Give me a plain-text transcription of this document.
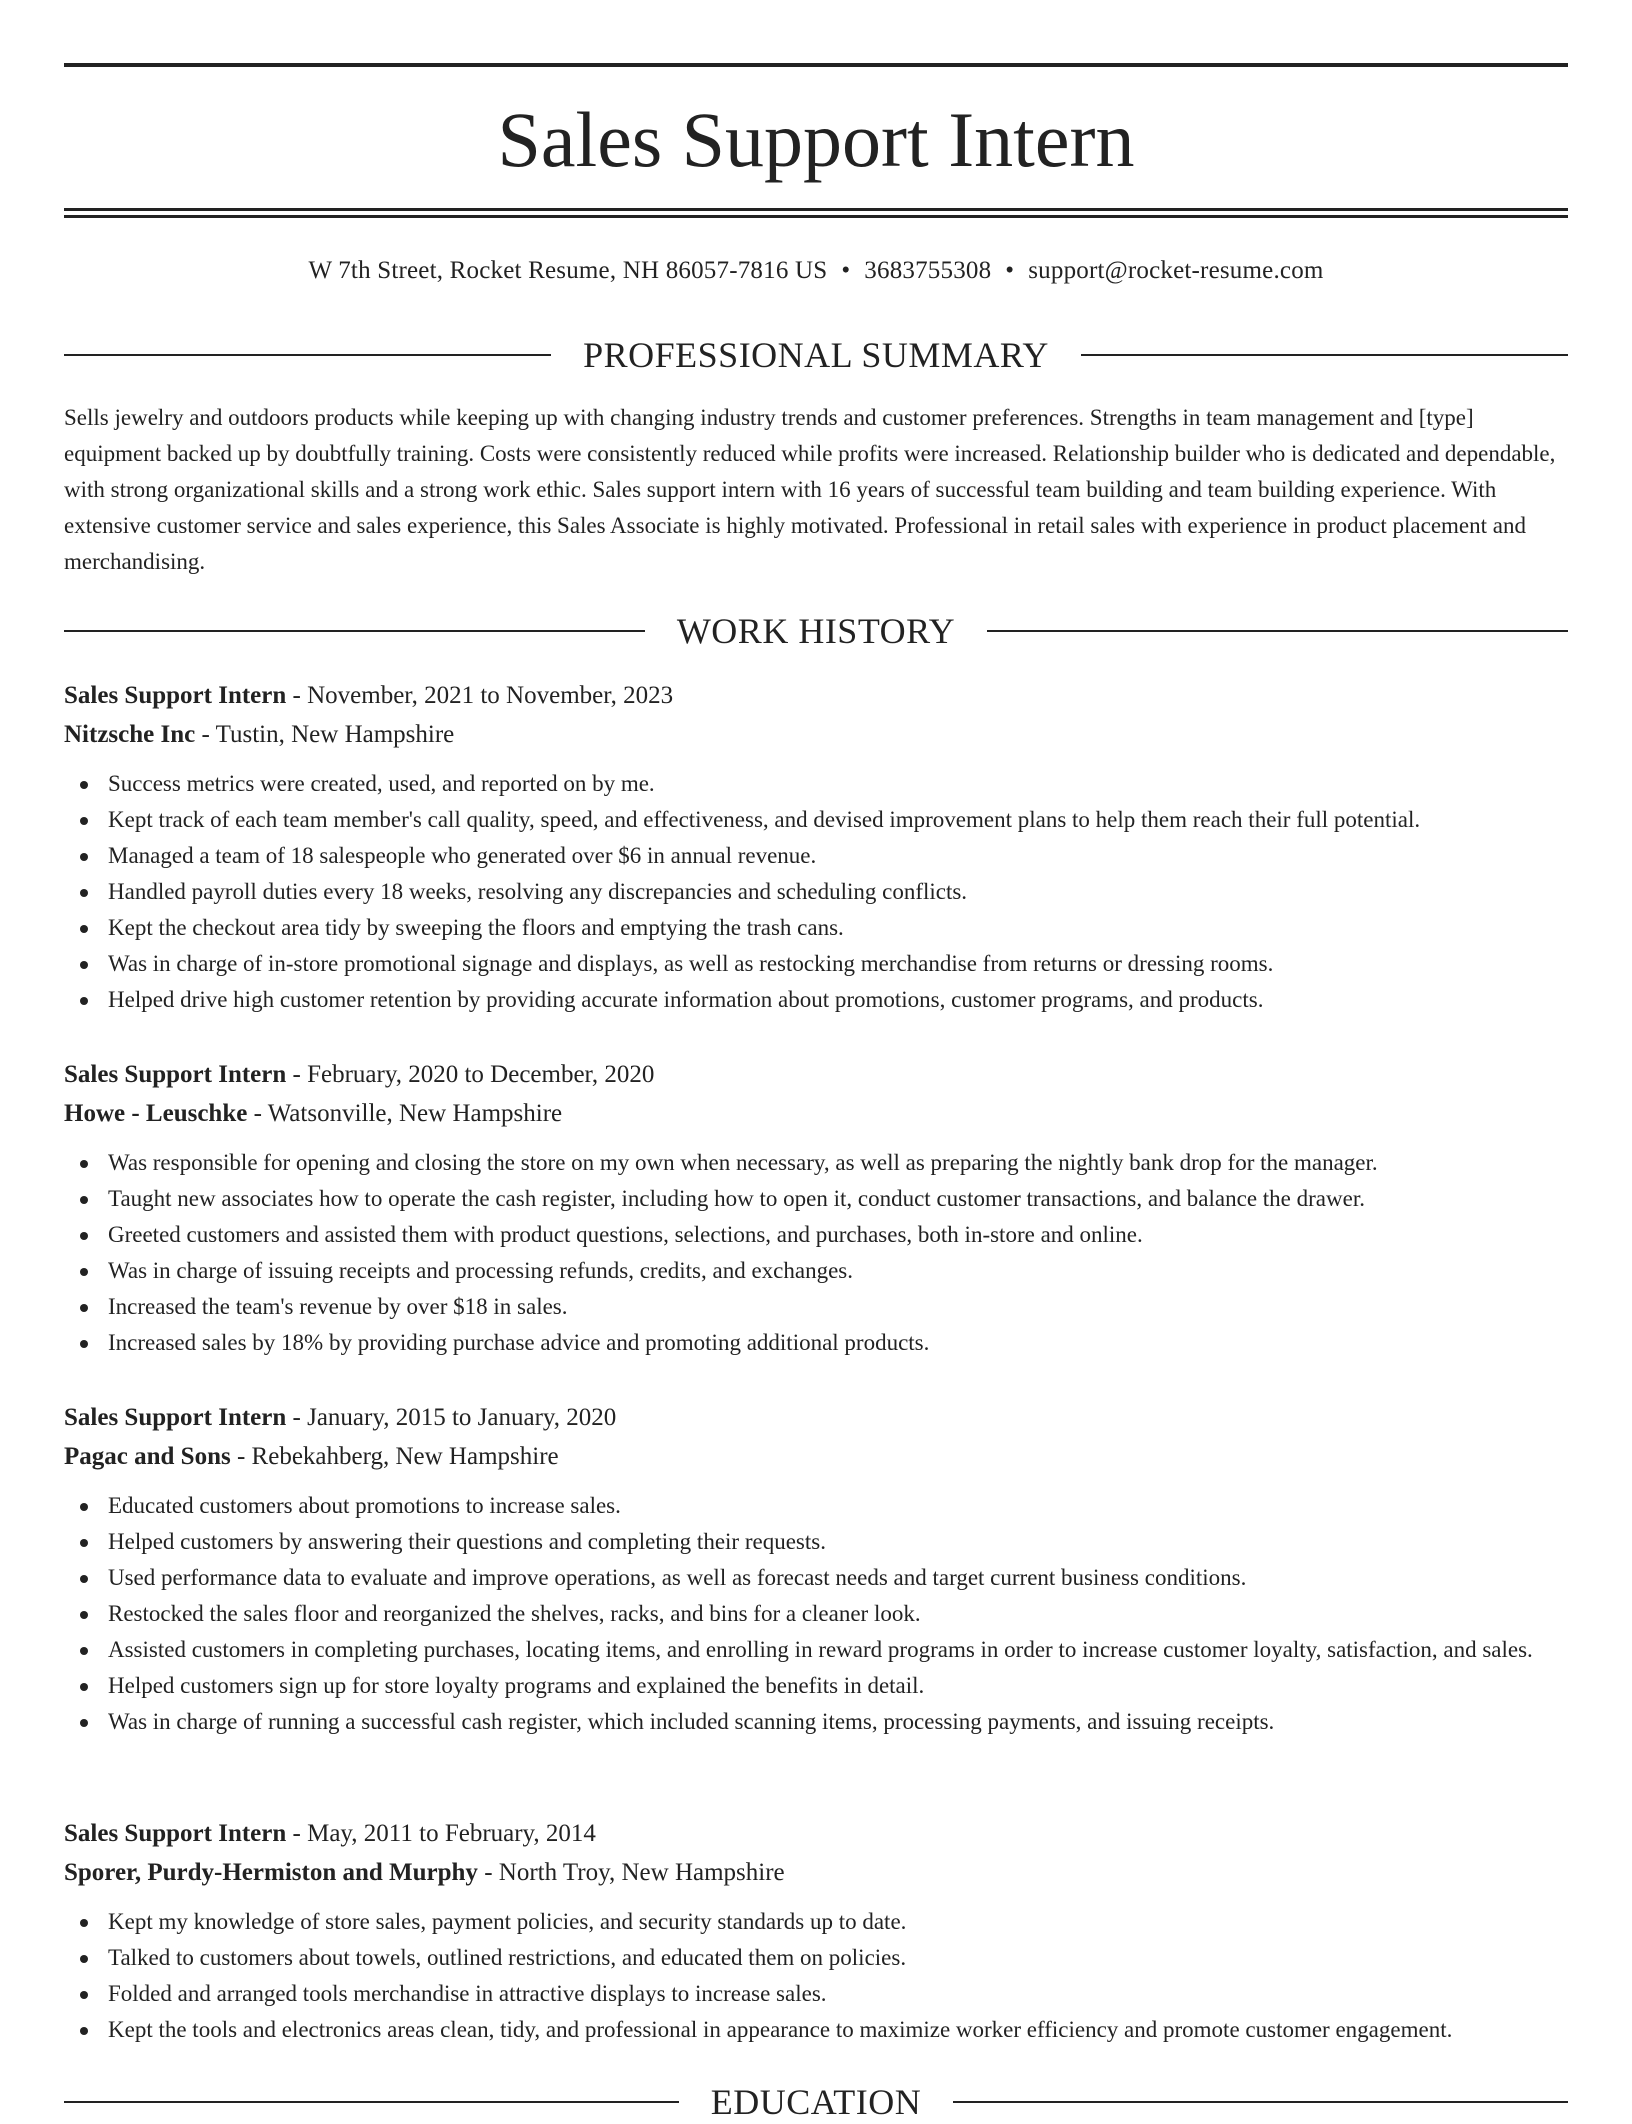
Sales Support Intern
W 7th Street, Rocket Resume, NH 86057-7816 US • 3683755308 • support@rocket-resume.com
PROFESSIONAL SUMMARY

Sells jewelry and outdoors products while keeping up with changing industry trends and customer preferences. Strengths in team management and [type] equipment backed up by doubtfully training. Costs were consistently reduced while profits were increased. Relationship builder who is dedicated and dependable, with strong organizational skills and a strong work ethic. Sales support intern with 16 years of successful team building and team building experience. With extensive customer service and sales experience, this Sales Associate is highly motivated. Professional in retail sales with experience in product placement and merchandising.

WORK HISTORY
Sales Support Intern - November, 2021 to November, 2023
Nitzsche Inc - Tustin, New Hampshire
Success metrics were created, used, and reported on by me.
Kept track of each team member's call quality, speed, and effectiveness, and devised improvement plans to help them reach their full potential.
Managed a team of 18 salespeople who generated over $6 in annual revenue.
Handled payroll duties every 18 weeks, resolving any discrepancies and scheduling conflicts.
Kept the checkout area tidy by sweeping the floors and emptying the trash cans.
Was in charge of in-store promotional signage and displays, as well as restocking merchandise from returns or dressing rooms.
Helped drive high customer retention by providing accurate information about promotions, customer programs, and products.
Sales Support Intern - February, 2020 to December, 2020
Howe - Leuschke - Watsonville, New Hampshire
Was responsible for opening and closing the store on my own when necessary, as well as preparing the nightly bank drop for the manager.
Taught new associates how to operate the cash register, including how to open it, conduct customer transactions, and balance the drawer.
Greeted customers and assisted them with product questions, selections, and purchases, both in-store and online.
Was in charge of issuing receipts and processing refunds, credits, and exchanges.
Increased the team's revenue by over $18 in sales.
Increased sales by 18% by providing purchase advice and promoting additional products.
Sales Support Intern - January, 2015 to January, 2020
Pagac and Sons - Rebekahberg, New Hampshire
Educated customers about promotions to increase sales.
Helped customers by answering their questions and completing their requests.
Used performance data to evaluate and improve operations, as well as forecast needs and target current business conditions.
Restocked the sales floor and reorganized the shelves, racks, and bins for a cleaner look.
Assisted customers in completing purchases, locating items, and enrolling in reward programs in order to increase customer loyalty, satisfaction, and sales.
Helped customers sign up for store loyalty programs and explained the benefits in detail.
Was in charge of running a successful cash register, which included scanning items, processing payments, and issuing receipts.
Sales Support Intern - May, 2011 to February, 2014
Sporer, Purdy-Hermiston and Murphy - North Troy, New Hampshire
Kept my knowledge of store sales, payment policies, and security standards up to date.
Talked to customers about towels, outlined restrictions, and educated them on policies.
Folded and arranged tools merchandise in attractive displays to increase sales.
Kept the tools and electronics areas clean, tidy, and professional in appearance to maximize worker efficiency and promote customer engagement.
EDUCATION
